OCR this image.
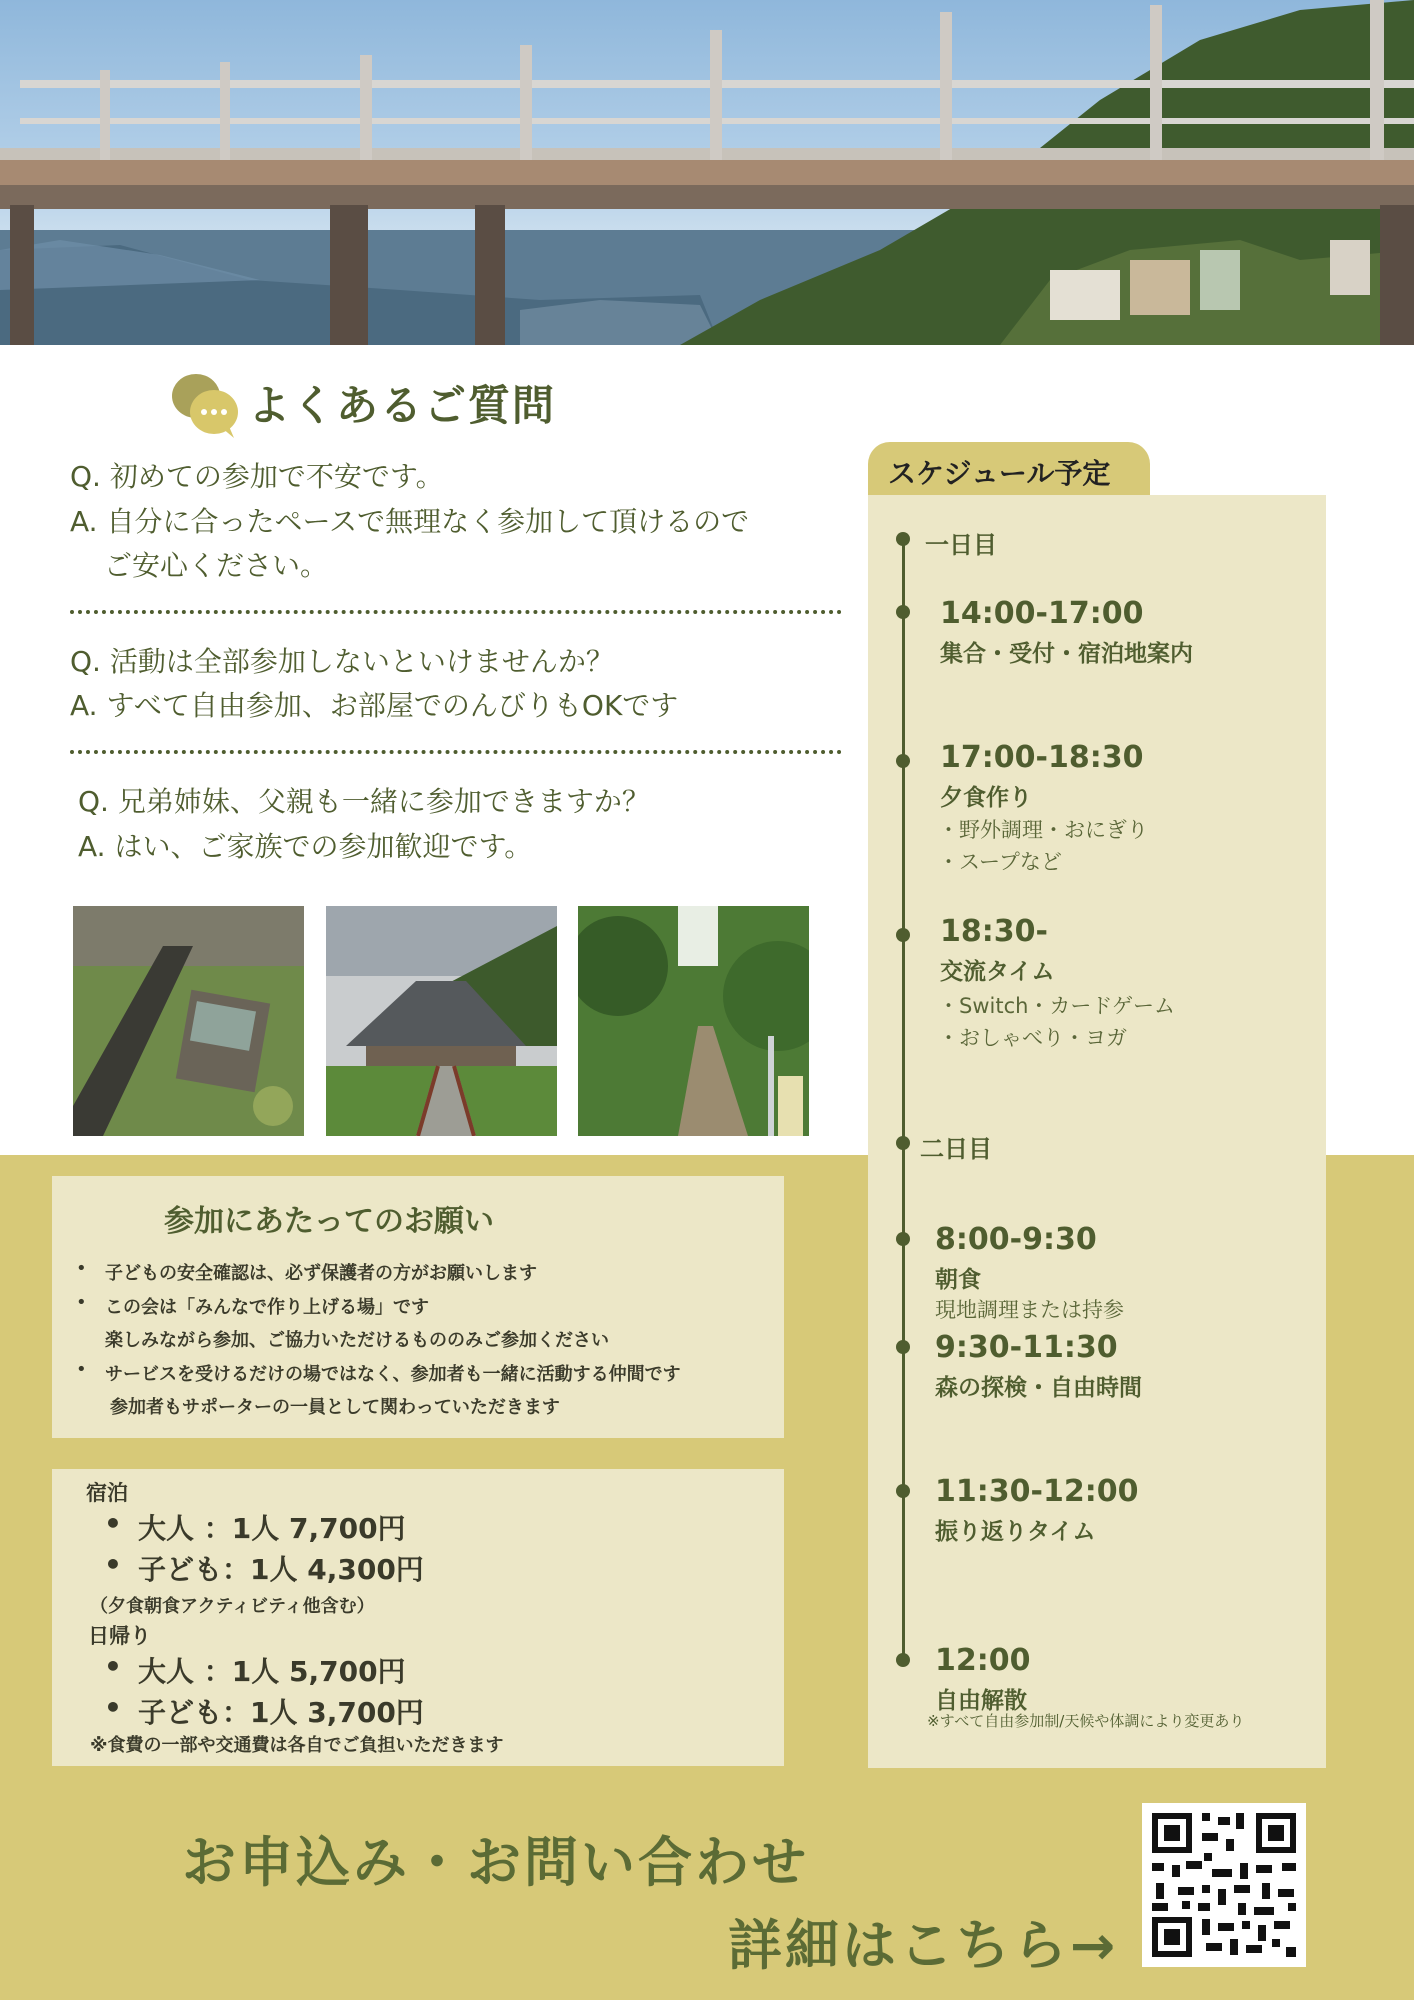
よくあるご質問
Q. 初めての参加で不安です。
A. 自分に合ったペースで無理なく参加して頂けるので
ご安心ください。
Q. 活動は全部参加しないといけませんか？
A. すべて自由参加、お部屋でのんびりもOKです
Q. 兄弟姉妹、父親も一緒に参加できますか？
A. はい、ご家族での参加歓迎です。
スケジュール予定
一日目
14:00-17:00
集合・受付・宿泊地案内
17:00-18:30
夕食作り
・野外調理・おにぎり
・スープなど
18:30-
交流タイム
・Switch・カードゲーム
・おしゃべり・ヨガ
二日目
8:00-9:30
朝食
現地調理または持参
9:30-11:30
森の探検・自由時間
11:30-12:00
振り返りタイム
12:00
自由解散
※すべて自由参加制/天候や体調により変更あり
参加にあたってのお願い
• 子どもの安全確認は、必ず保護者の方がお願いします
• この会は「みんなで作り上げる場」です
楽しみながら参加、ご協力いただけるもののみご参加ください
• サービスを受けるだけの場ではなく、参加者も一緒に活動する仲間です
参加者もサポーターの一員として関わっていただきます
宿泊
• 大人 ：1人 7,700円
• 子ども：1人 4,300円
（夕食朝食アクティビティ他含む）
日帰り
• 大人 ：1人 5,700円
• 子ども：1人 3,700円
※食費の一部や交通費は各自でご負担いただきます
お申込み・お問い合わせ
詳細はこちら→
